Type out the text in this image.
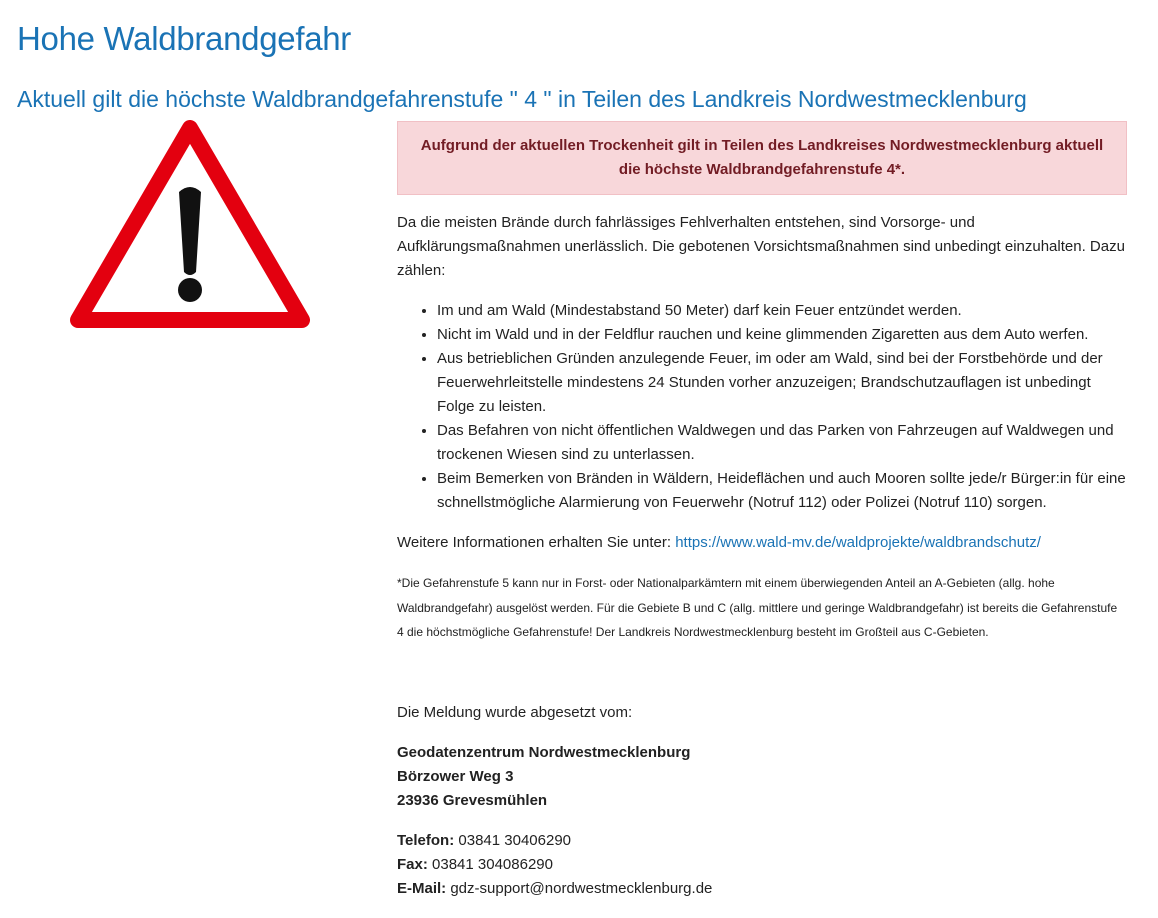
Hohe Waldbrandgefahr
Aktuell gilt die höchste Waldbrandgefahrenstufe " 4 " in Teilen des Landkreis Nordwestmecklenburg
Aufgrund der aktuellen Trockenheit gilt in Teilen des Landkreises Nordwestmecklenburg aktuell die höchste Waldbrandgefahrenstufe 4*.

Da die meisten Brände durch fahrlässiges Fehlverhalten entstehen, sind Vorsorge- und Aufklärungsmaßnahmen unerlässlich. Die gebotenen Vorsichtsmaßnahmen sind unbedingt einzuhalten. Dazu zählen:

• Im und am Wald (Mindestabstand 50 Meter) darf kein Feuer entzündet werden.
• Nicht im Wald und in der Feldflur rauchen und keine glimmenden Zigaretten aus dem Auto werfen.
• Aus betrieblichen Gründen anzulegende Feuer, im oder am Wald, sind bei der Forstbehörde und der Feuerwehrleitstelle mindestens 24 Stunden vorher anzuzeigen; Brandschutzauflagen ist unbedingt Folge zu leisten.
• Das Befahren von nicht öffentlichen Waldwegen und das Parken von Fahrzeugen auf Waldwegen und trockenen Wiesen sind zu unterlassen.
• Beim Bemerken von Bränden in Wäldern, Heideflächen und auch Mooren sollte jede/r Bürger:in für eine schnellstmögliche Alarmierung von Feuerwehr (Notruf 112) oder Polizei (Notruf 110) sorgen.

Weitere Informationen erhalten Sie unter: https://www.wald-mv.de/waldprojekte/waldbrandschutz/

*Die Gefahrenstufe 5 kann nur in Forst- oder Nationalparkämtern mit einem überwiegenden Anteil an A-Gebieten (allg. hohe Waldbrandgefahr) ausgelöst werden. Für die Gebiete B und C (allg. mittlere und geringe Waldbrandgefahr) ist bereits die Gefahrenstufe 4 die höchstmögliche Gefahrenstufe! Der Landkreis Nordwestmecklenburg besteht im Großteil aus C-Gebieten.

Die Meldung wurde abgesetzt vom:

Geodatenzentrum Nordwestmecklenburg
Börzower Weg 3
23936 Grevesmühlen

Telefon: 03841 30406290
Fax: 03841 304086290
E-Mail: gdz-support@nordwestmecklenburg.de
